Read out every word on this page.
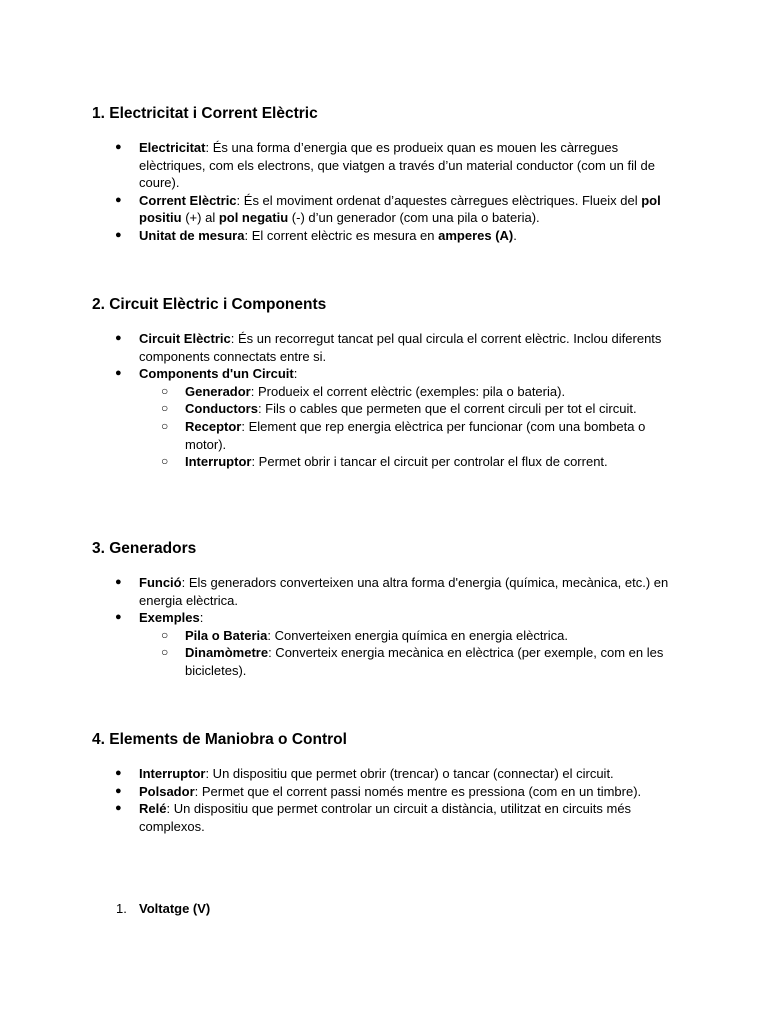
1. Electricitat i Corrent Elèctric
● Electricitat: És una forma d’energia que es produeix quan es mouen les càrregues elèctriques, com els electrons, que viatgen a través d’un material conductor (com un fil de coure).
● Corrent Elèctric: És el moviment ordenat d’aquestes càrregues elèctriques. Flueix del pol positiu (+) al pol negatiu (-) d’un generador (com una pila o bateria).
● Unitat de mesura: El corrent elèctric es mesura en amperes (A).
2. Circuit Elèctric i Components
● Circuit Elèctric: És un recorregut tancat pel qual circula el corrent elèctric. Inclou diferents components connectats entre si.
● Components d'un Circuit:
○ Generador: Produeix el corrent elèctric (exemples: pila o bateria).
○ Conductors: Fils o cables que permeten que el corrent circuli per tot el circuit.
○ Receptor: Element que rep energia elèctrica per funcionar (com una bombeta o motor).
○ Interruptor: Permet obrir i tancar el circuit per controlar el flux de corrent.
3. Generadors
● Funció: Els generadors converteixen una altra forma d'energia (química, mecànica, etc.) en energia elèctrica.
● Exemples:
○ Pila o Bateria: Converteixen energia química en energia elèctrica.
○ Dinamòmetre: Converteix energia mecànica en elèctrica (per exemple, com en les bicicletes).
4. Elements de Maniobra o Control
● Interruptor: Un dispositiu que permet obrir (trencar) o tancar (connectar) el circuit.
● Polsador: Permet que el corrent passi només mentre es pressiona (com en un timbre).
● Relé: Un dispositiu que permet controlar un circuit a distància, utilitzat en circuits més complexos.
1. Voltatge (V)
